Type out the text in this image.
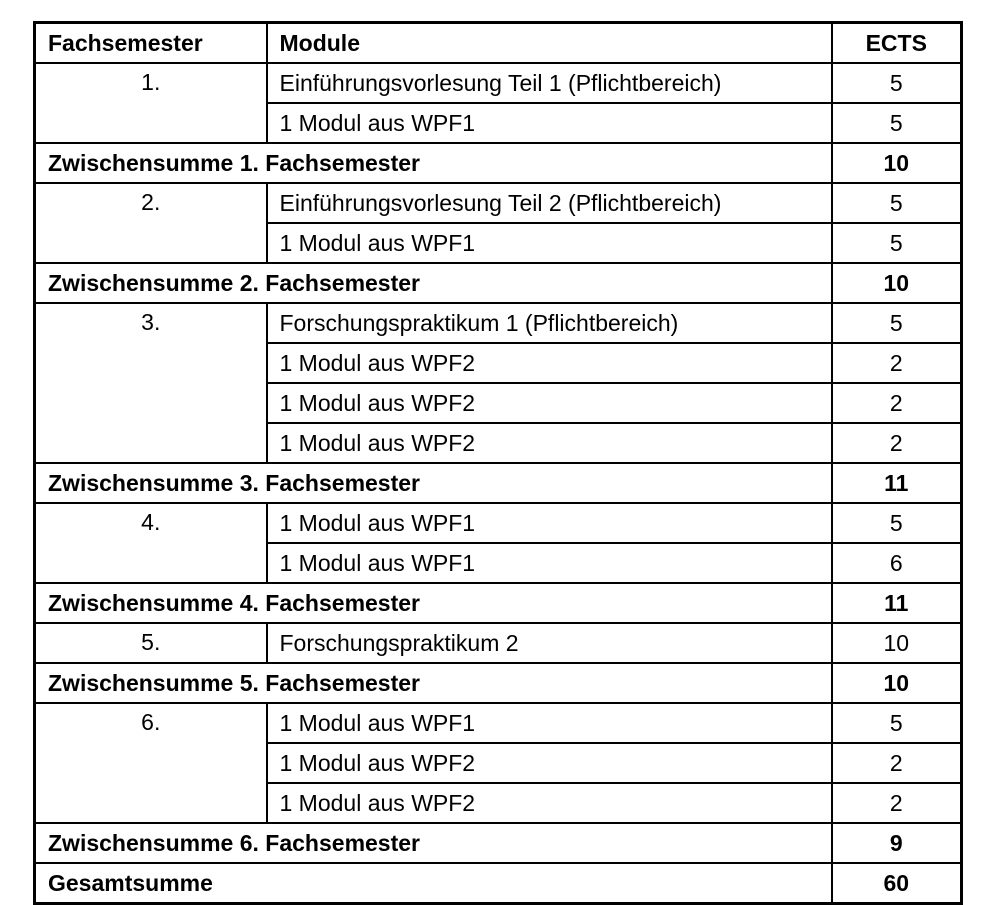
Fachsemester	Module	ECTS
1.	Einführungsvorlesung Teil 1 (Pflichtbereich)	5
	1 Modul aus WPF1	5
Zwischensumme 1. Fachsemester		10
2.	Einführungsvorlesung Teil 2 (Pflichtbereich)	5
	1 Modul aus WPF1	5
Zwischensumme 2. Fachsemester		10
3.	Forschungspraktikum 1 (Pflichtbereich)	5
	1 Modul aus WPF2	2
	1 Modul aus WPF2	2
	1 Modul aus WPF2	2
Zwischensumme 3. Fachsemester		11
4.	1 Modul aus WPF1	5
	1 Modul aus WPF1	6
Zwischensumme 4. Fachsemester		11
5.	Forschungspraktikum 2	10
Zwischensumme 5. Fachsemester		10
6.	1 Modul aus WPF1	5
	1 Modul aus WPF2	2
	1 Modul aus WPF2	2
Zwischensumme 6. Fachsemester		9
Gesamtsumme		60
